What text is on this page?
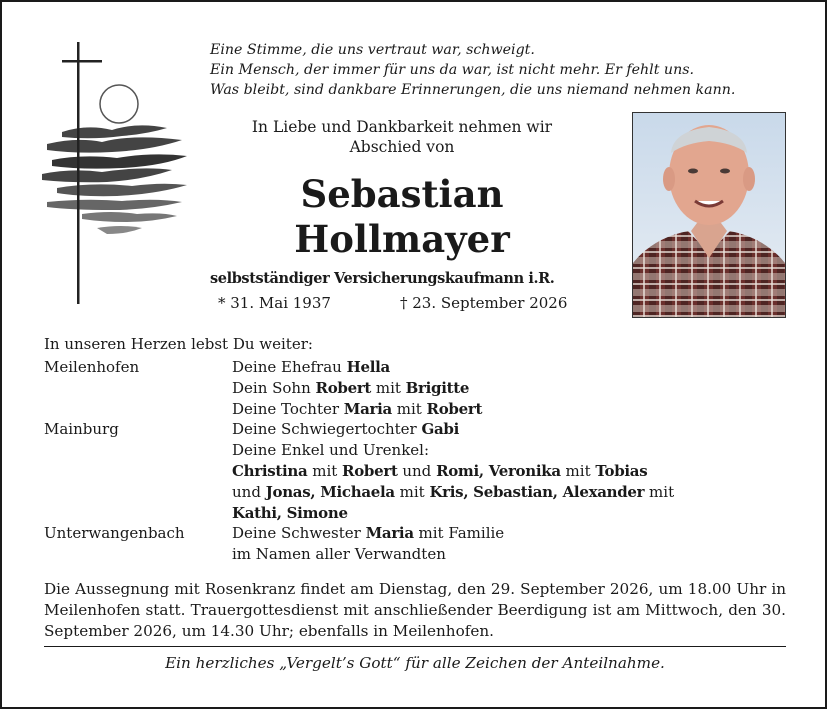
Eine Stimme, die uns vertraut war, schweigt.
Ein Mensch, der immer für uns da war, ist nicht mehr. Er fehlt uns.
Was bleibt, sind dankbare Erinnerungen, die uns niemand nehmen kann.
In Liebe und Dankbarkeit nehmen wir
Abschied von
Sebastian
Hollmayer
selbstständiger Versicherungskaufmann i.R.
* 31. Mai 1937	† 23. September 2026
In unseren Herzen lebst Du weiter:
Meilenhofen	Deine Ehefrau Hella
Dein Sohn Robert mit Brigitte
Deine Tochter Maria mit Robert
Mainburg	Deine Schwiegertochter Gabi
Deine Enkel und Urenkel:
Christina mit Robert und Romi, Veronika mit Tobias
und Jonas, Michaela mit Kris, Sebastian, Alexander mit
Kathi, Simone
Unterwangenbach	Deine Schwester Maria mit Familie
im Namen aller Verwandten
Die Aussegnung mit Rosenkranz findet am Dienstag, den 29. September 2026, um 18.00 Uhr in Meilenhofen statt. Trauergottesdienst mit anschließender Beerdigung ist am Mittwoch, den 30. September 2026, um 14.30 Uhr; ebenfalls in Meilenhofen.
Ein herzliches „Vergelt’s Gott“ für alle Zeichen der Anteilnahme.
